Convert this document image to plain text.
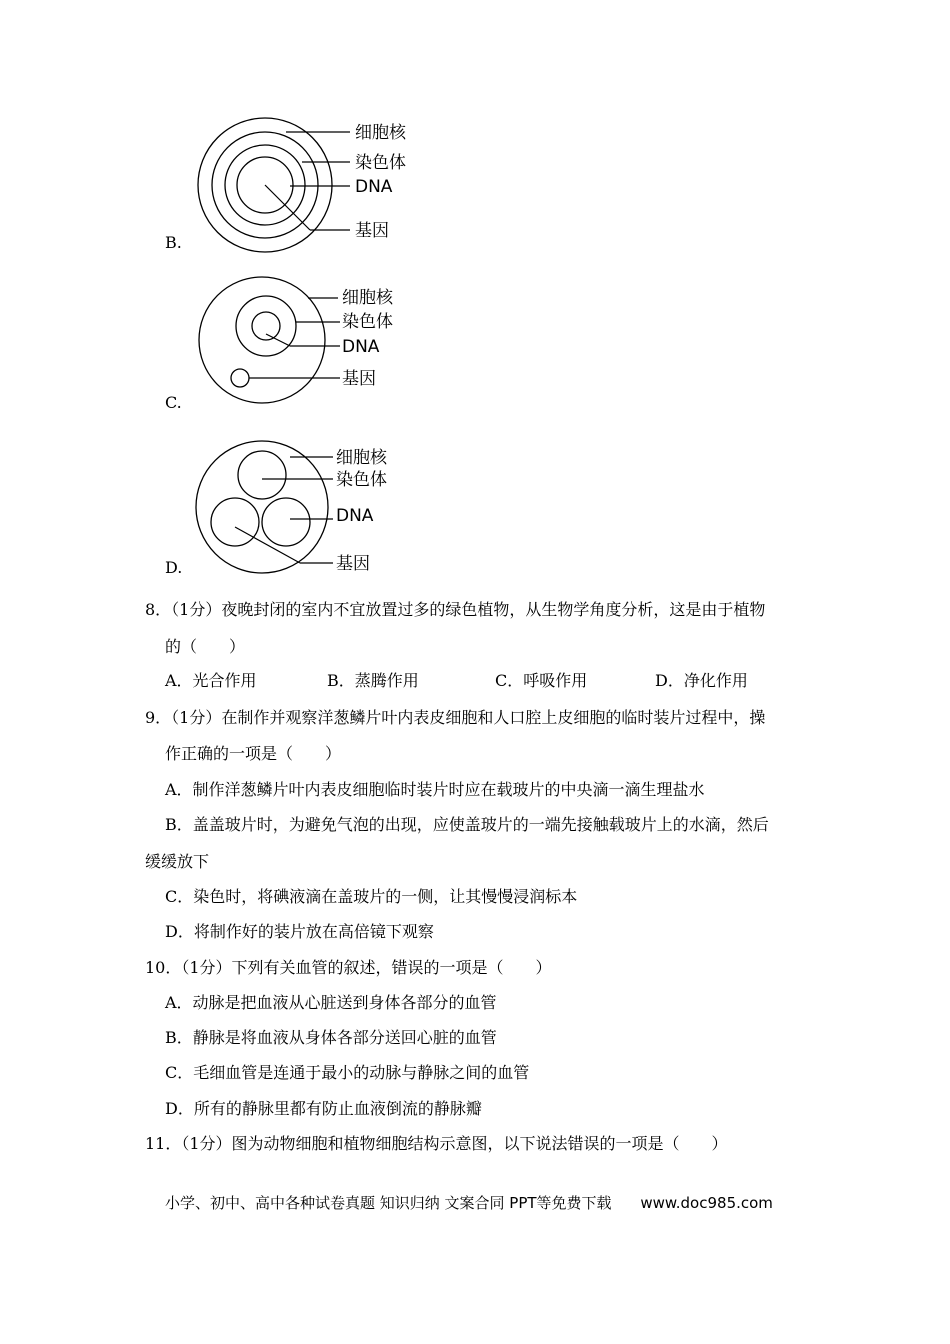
细胞核
染色体
DNA
基因
B.
细胞核
染色体
DNA
基因
C.
细胞核
染色体
DNA
基因
D.
8．（1分）夜晚封闭的室内不宜放置过多的绿色植物，从生物学角度分析，这是由于植物
的（　　）
A．光合作用	B．蒸腾作用	C．呼吸作用	D．净化作用
9．（1分）在制作并观察洋葱鳞片叶内表皮细胞和人口腔上皮细胞的临时装片过程中，操
作正确的一项是（　　）
A．制作洋葱鳞片叶内表皮细胞临时装片时应在载玻片的中央滴一滴生理盐水
B．盖盖玻片时，为避免气泡的出现，应使盖玻片的一端先接触载玻片上的水滴，然后
缓缓放下
C．染色时，将碘液滴在盖玻片的一侧，让其慢慢浸润标本
D．将制作好的装片放在高倍镜下观察
10．（1分）下列有关血管的叙述，错误的一项是（　　）
A．动脉是把血液从心脏送到身体各部分的血管
B．静脉是将血液从身体各部分送回心脏的血管
C．毛细血管是连通于最小的动脉与静脉之间的血管
D．所有的静脉里都有防止血液倒流的静脉瓣
11．（1分）图为动物细胞和植物细胞结构示意图，以下说法错误的一项是（　　）
小学、初中、高中各种试卷真题 知识归纳 文案合同 PPT等免费下载 www.doc985.com
